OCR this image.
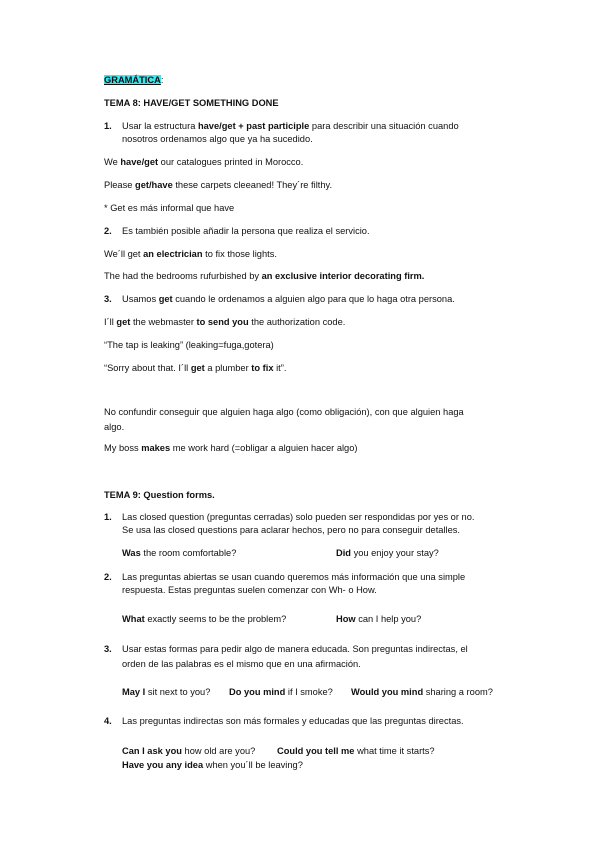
GRAMÁTICA:
TEMA 8: HAVE/GET SOMETHING DONE
1. Usar la estructura have/get + past participle para describir una situación cuando
nosotros ordenamos algo que ya ha sucedido.
We have/get our catalogues printed in Morocco.
Please get/have these carpets cleeaned! They´re filthy.
* Get es más informal que have
2. Es también posible añadir la persona que realiza el servicio.
We´ll get an electrician to fix those lights.
The had the bedrooms rufurbished by an exclusive interior decorating firm.
3. Usamos get cuando le ordenamos a alguien algo para que lo haga otra persona.
I´ll get the webmaster to send you the authorization code.
“The tap is leaking” (leaking=fuga,gotera)
“Sorry about that. I´ll get a plumber to fix it”.
No confundir conseguir que alguien haga algo (como obligación), con que alguien haga
algo.
My boss makes me work hard (=obligar a alguien hacer algo)
TEMA 9: Question forms.
1. Las closed question (preguntas cerradas) solo pueden ser respondidas por yes or no.
Se usa las closed questions para aclarar hechos, pero no para conseguir detalles.
Was the room comfortable?	Did you enjoy your stay?
2. Las preguntas abiertas se usan cuando queremos más información que una simple
respuesta. Estas preguntas suelen comenzar con Wh- o How.
What exactly seems to be the problem?	How can I help you?
3. Usar estas formas para pedir algo de manera educada. Son preguntas indirectas, el
orden de las palabras es el mismo que en una afirmación.
May I sit next to you? Do you mind if I smoke? Would you mind sharing a room?
4. Las preguntas indirectas son más formales y educadas que las preguntas directas.
Can I ask you how old are you? Could you tell me what time it starts?
Have you any idea when you´ll be leaving?
